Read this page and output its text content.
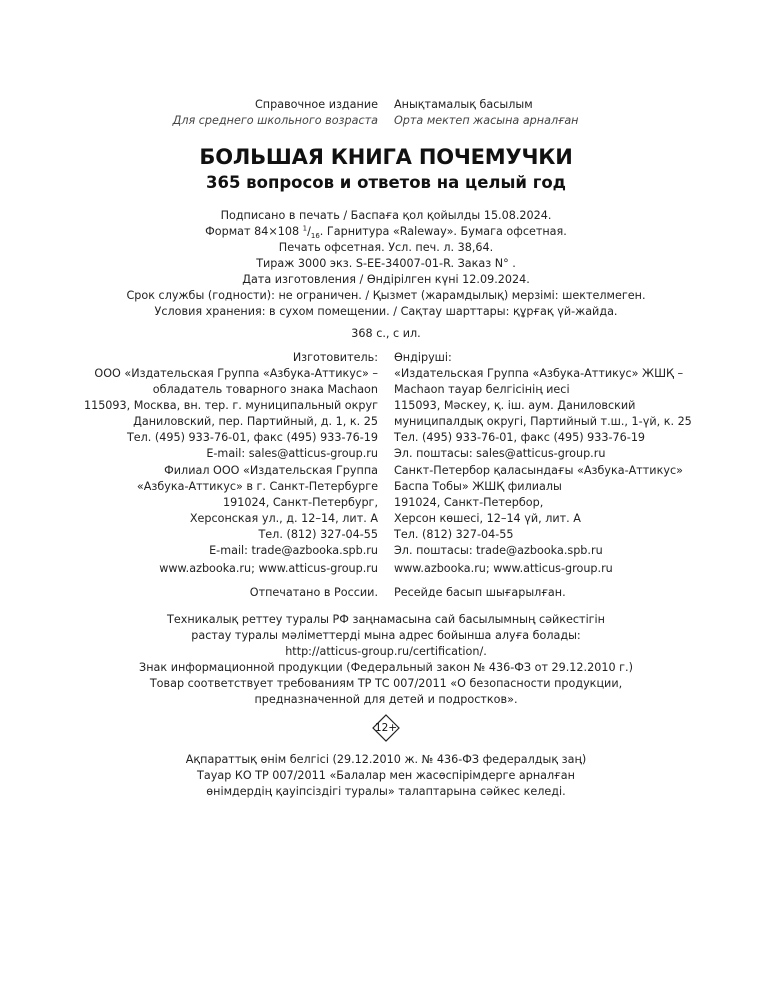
Справочное издание
Для среднего школьного возраста
Анықтамалық басылым
Орта мектеп жасына арналған
БОЛЬШАЯ КНИГА ПОЧЕМУЧКИ
365 вопросов и ответов на целый год
Подписано в печать / Баспаға қол қойылды 15.08.2024.
Формат 84×108 $^1/_{16}$. Гарнитура «Raleway». Бумага офсетная.
Печать офсетная. Усл. печ. л. 38,64.
Тираж 3000 экз. S-EE-34007-01-R. Заказ N° .
Дата изготовления / Өндірілген күні 12.09.2024.
Срок службы (годности): не ограничен. / Қызмет (жарамдылық) мерзімі: шектелмеген.
Условия хранения: в сухом помещении. / Сақтау шарттары: құрғақ үй-жайда.
368 с., с ил.
Изготовитель:
ООО «Издательская Группа «Азбука-Аттикус» –
обладатель товарного знака Machaon
115093, Москва, вн. тер. г. муниципальный округ
Даниловский, пер. Партийный, д. 1, к. 25
Тел. (495) 933-76-01, факс (495) 933-76-19
E-mail: sales@atticus-group.ru
Өндіруші:
«Издательская Группа «Азбука-Аттикус» ЖШҚ –
Machaon тауар белгісінің иесі
115093, Мәскеу, қ. іш. аум. Даниловский
муниципалдық округі, Партийный т.ш., 1-үй, к. 25
Тел. (495) 933-76-01, факс (495) 933-76-19
Эл. поштасы: sales@atticus-group.ru
Филиал ООО «Издательская Группа
«Азбука-Аттикус» в г. Санкт-Петербурге
191024, Санкт-Петербург,
Херсонская ул., д. 12–14, лит. А
Тел. (812) 327-04-55
E-mail: trade@azbooka.spb.ru
Санкт-Петербор қаласындағы «Азбука-Аттикус»
Баспа Тобы» ЖШҚ филиалы
191024, Санкт-Петербор,
Херсон көшесі, 12–14 үй, лит. А
Тел. (812) 327-04-55
Эл. поштасы: trade@azbooka.spb.ru
www.azbooka.ru; www.atticus-group.ru www.azbooka.ru; www.atticus-group.ru
Отпечатано в России. Ресейде басып шығарылған.
Техникалық реттеу туралы РФ заңнамасына сай басылымның сәйкестігін
растау туралы мәліметтерді мына адрес бойынша алуға болады:
http://atticus-group.ru/certification/.
Знак информационной продукции (Федеральный закон № 436-ФЗ от 29.12.2010 г.)
Товар соответствует требованиям ТР ТС 007/2011 «О безопасности продукции,
предназначенной для детей и подростков».
12+
Ақпараттық өнім белгісі (29.12.2010 ж. № 436-ФЗ федералдық заң)
Тауар КО ТР 007/2011 «Балалар мен жасөспірімдерге арналған
өнімдердің қауіпсіздігі туралы» талаптарына сәйкес келеді.
